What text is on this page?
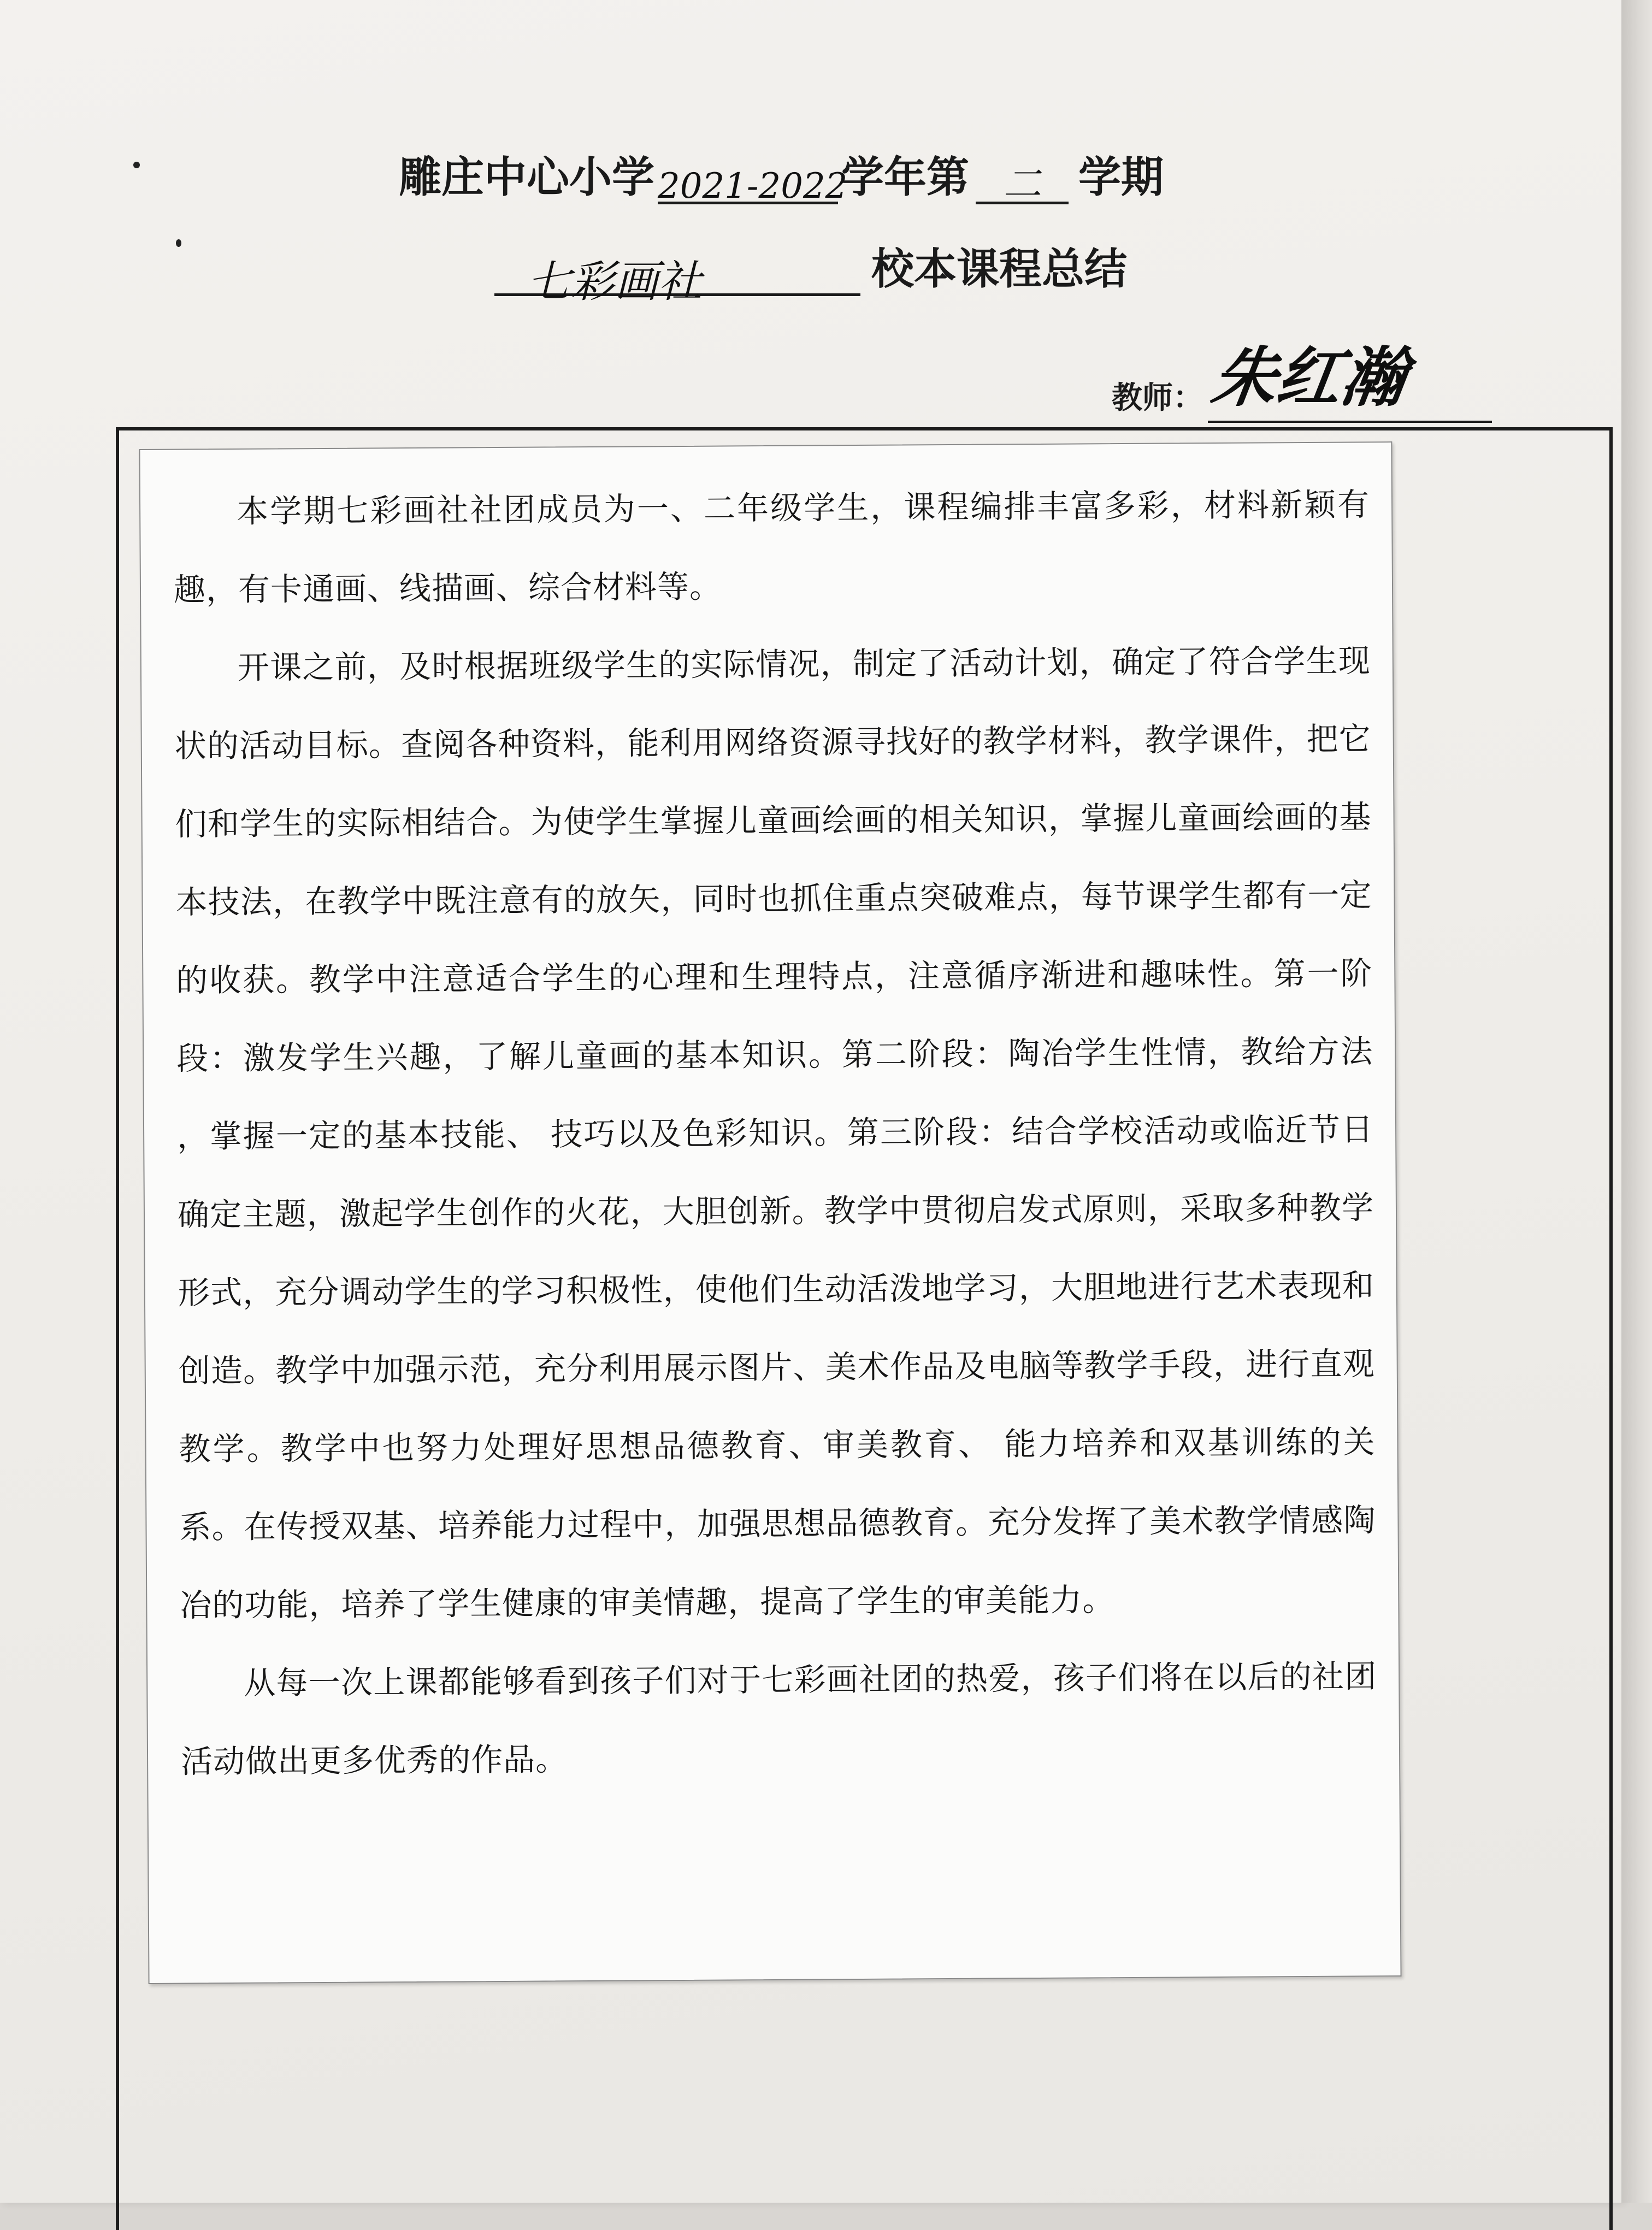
雕庄中心小学 $_{2021-2022}$
学年第 二 学期
七彩画社	校本课程总结
教师： 朱红瀚

本学期七彩画社社团成员为一、二年级学生，课程编排丰富多彩，材料新颖有趣，有卡通画、线描画、综合材料等。

开课之前，及时根据班级学生的实际情况，制定了活动计划，确定了符合学生现状的活动目标。查阅各种资料，能利用网络资源寻找好的教学材料，教学课件，把它们和学生的实际相结合。为使学生掌握儿童画绘画的相关知识，掌握儿童画绘画的基本技法，在教学中既注意有的放矢，同时也抓住重点突破难点，每节课学生都有一定的收获。教学中注意适合学生的心理和生理特点，注意循序渐进和趣味性。第一阶段：激发学生兴趣，了解儿童画的基本知识。第二阶段：陶冶学生性情，教给方法 ，掌握一定的基本技能、 技巧以及色彩知识。第三阶段：结合学校活动或临近节日确定主题，激起学生创作的火花，大胆创新。教学中贯彻启发式原则，采取多种教学形式，充分调动学生的学习积极性，使他们生动活泼地学习，大胆地进行艺术表现和创造。教学中加强示范，充分利用展示图片、美术作品及电脑等教学手段，进行直观教学。教学中也努力处理好思想品德教育、审美教育、 能力培养和双基训练的关系。在传授双基、培养能力过程中，加强思想品德教育。充分发挥了美术教学情感陶冶的功能，培养了学生健康的审美情趣，提高了学生的审美能力。

从每一次上课都能够看到孩子们对于七彩画社团的热爱，孩子们将在以后的社团活动做出更多优秀的作品。
